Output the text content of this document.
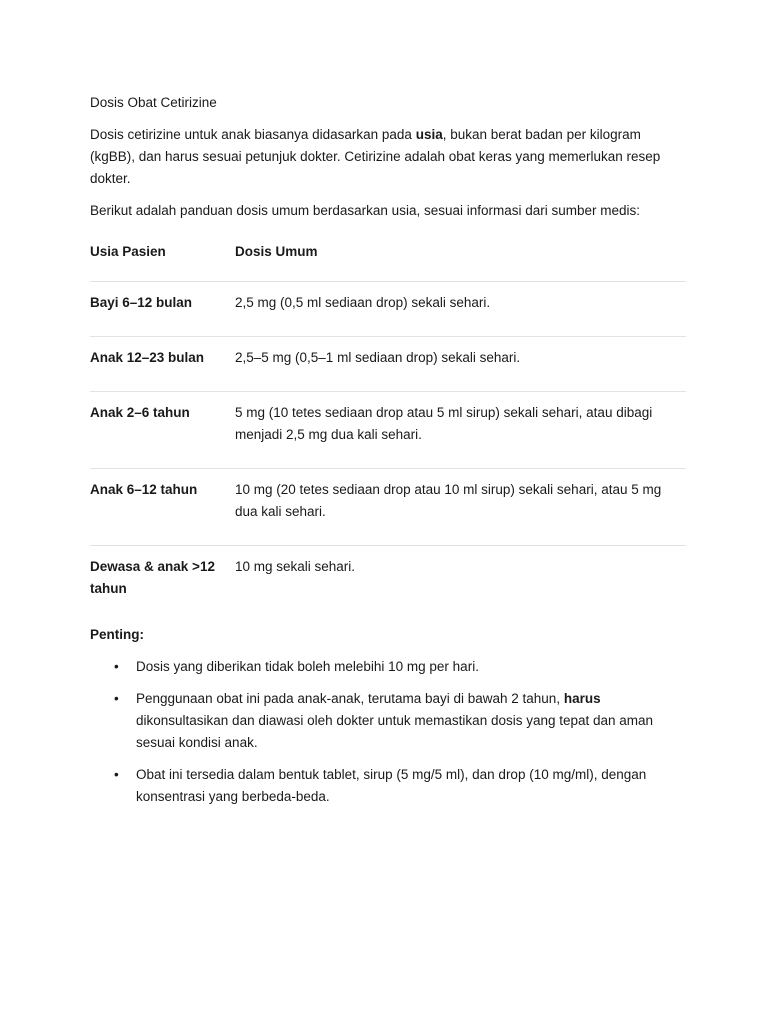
Dosis Obat Cetirizine

Dosis cetirizine untuk anak biasanya didasarkan pada usia, bukan berat badan per kilogram (kgBB), dan harus sesuai petunjuk dokter. Cetirizine adalah obat keras yang memerlukan resep dokter.

Berikut adalah panduan dosis umum berdasarkan usia, sesuai informasi dari sumber medis:

Usia Pasien	Dosis Umum
Bayi 6–12 bulan	2,5 mg (0,5 ml sediaan drop) sekali sehari.
Anak 12–23 bulan	2,5–5 mg (0,5–1 ml sediaan drop) sekali sehari.
Anak 2–6 tahun	5 mg (10 tetes sediaan drop atau 5 ml sirup) sekali sehari, atau dibagi menjadi 2,5 mg dua kali sehari.
Anak 6–12 tahun	10 mg (20 tetes sediaan drop atau 10 ml sirup) sekali sehari, atau 5 mg dua kali sehari.
Dewasa & anak >12 tahun	10 mg sekali sehari.

Penting:

• Dosis yang diberikan tidak boleh melebihi 10 mg per hari.
• Penggunaan obat ini pada anak-anak, terutama bayi di bawah 2 tahun, harus dikonsultasikan dan diawasi oleh dokter untuk memastikan dosis yang tepat dan aman sesuai kondisi anak.
• Obat ini tersedia dalam bentuk tablet, sirup (5 mg/5 ml), dan drop (10 mg/ml), dengan konsentrasi yang berbeda-beda.
